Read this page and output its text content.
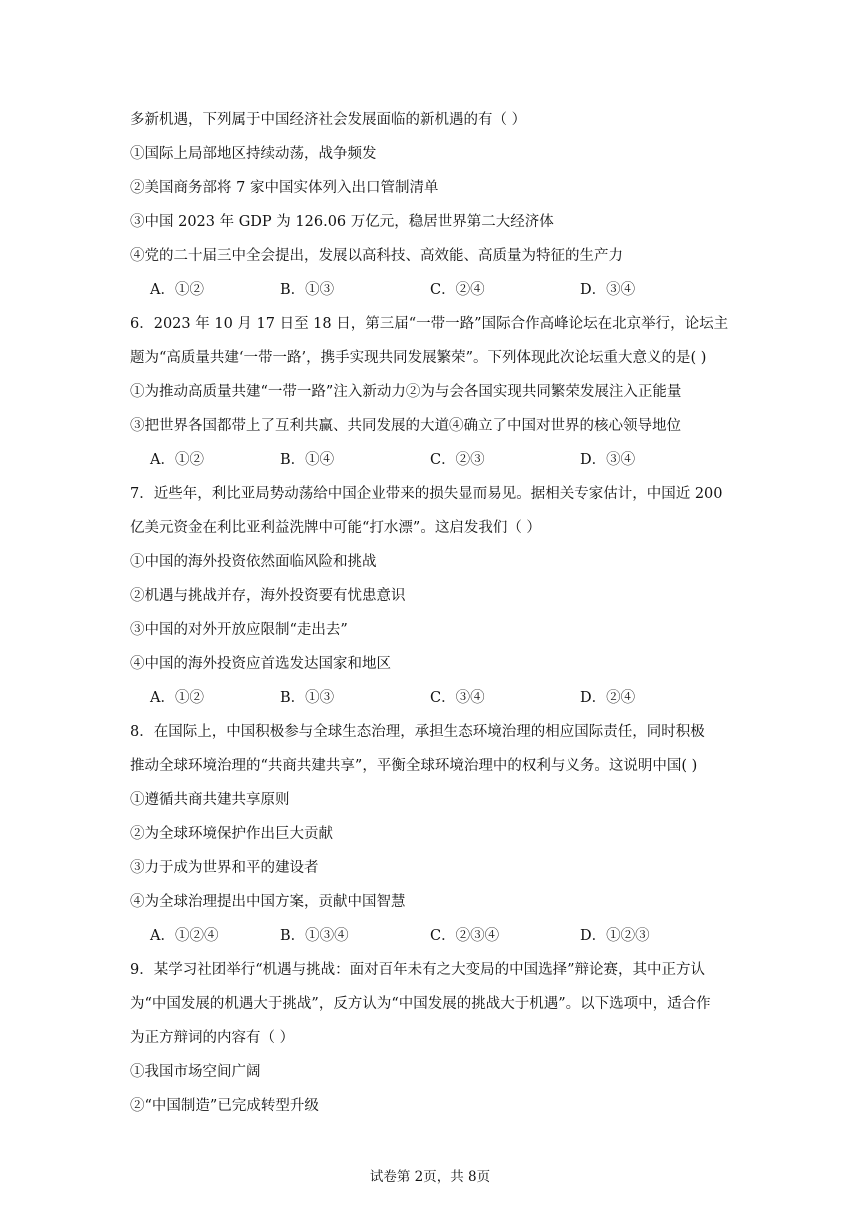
多新机遇，下列属于中国经济社会发展面临的新机遇的有（ ）
①国际上局部地区持续动荡，战争频发
②美国商务部将 7 家中国实体列入出口管制清单
③中国 2023 年 GDP 为 126.06 万亿元，稳居世界第二大经济体
④党的二十届三中全会提出，发展以高科技、高效能、高质量为特征的生产力
A．①②	B．①③	C．②④	D．③④
6．2023 年 10 月 17 日至 18 日，第三届“一带一路”国际合作高峰论坛在北京举行，论坛主
题为“高质量共建‘一带一路’，携手实现共同发展繁荣”。下列体现此次论坛重大意义的是( )
①为推动高质量共建“一带一路”注入新动力②为与会各国实现共同繁荣发展注入正能量
③把世界各国都带上了互利共赢、共同发展的大道④确立了中国对世界的核心领导地位
A．①②	B．①④	C．②③	D．③④
7．近些年，利比亚局势动荡给中国企业带来的损失显而易见。据相关专家估计，中国近 200
亿美元资金在利比亚利益洗牌中可能“打水漂”。这启发我们（ ）
①中国的海外投资依然面临风险和挑战
②机遇与挑战并存，海外投资要有忧患意识
③中国的对外开放应限制“走出去”
④中国的海外投资应首选发达国家和地区
A．①②	B．①③	C．③④	D．②④
8．在国际上，中国积极参与全球生态治理，承担生态环境治理的相应国际责任，同时积极
推动全球环境治理的“共商共建共享”，平衡全球环境治理中的权利与义务。这说明中国( )
①遵循共商共建共享原则
②为全球环境保护作出巨大贡献
③力于成为世界和平的建设者
④为全球治理提出中国方案，贡献中国智慧
A．①②④	B．①③④	C．②③④	D．①②③
9．某学习社团举行“机遇与挑战：面对百年未有之大变局的中国选择”辩论赛，其中正方认
为“中国发展的机遇大于挑战”，反方认为“中国发展的挑战大于机遇”。以下选项中，适合作
为正方辩词的内容有（ ）
①我国市场空间广阔
②“中国制造”已完成转型升级
试卷第 2页，共 8页
